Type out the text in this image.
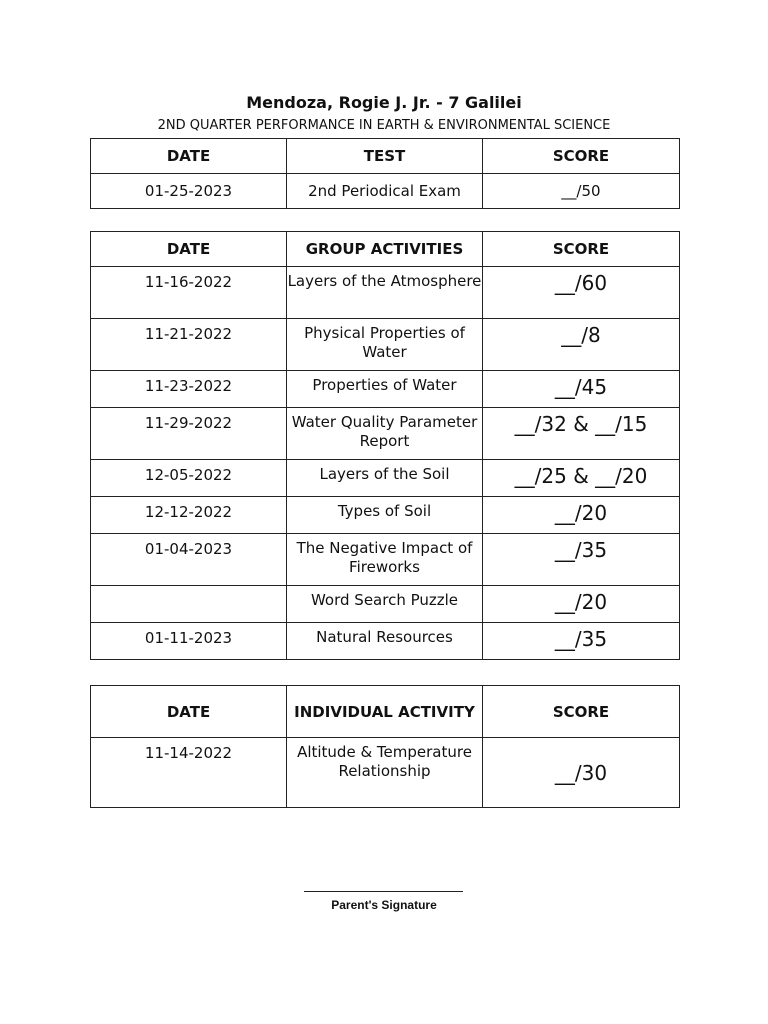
Mendoza, Rogie J. Jr. - 7 Galilei
2ND QUARTER PERFORMANCE IN EARTH & ENVIRONMENTAL SCIENCE
DATE	TEST	SCORE
01-25-2023	2nd Periodical Exam	__/50
DATE	GROUP ACTIVITIES	SCORE
11-16-2022	Layers of the Atmosphere	__/60
11-21-2022	Physical Properties of Water	__/8
11-23-2022	Properties of Water	__/45
11-29-2022	Water Quality Parameter Report	__/32 & __/15
12-05-2022	Layers of the Soil	__/25 & __/20
12-12-2022	Types of Soil	__/20
01-04-2023	The Negative Impact of Fireworks	__/35
	Word Search Puzzle	__/20
01-11-2023	Natural Resources	__/35
DATE	INDIVIDUAL ACTIVITY	SCORE
11-14-2022	Altitude & Temperature Relationship	__/30
Parent's Signature
